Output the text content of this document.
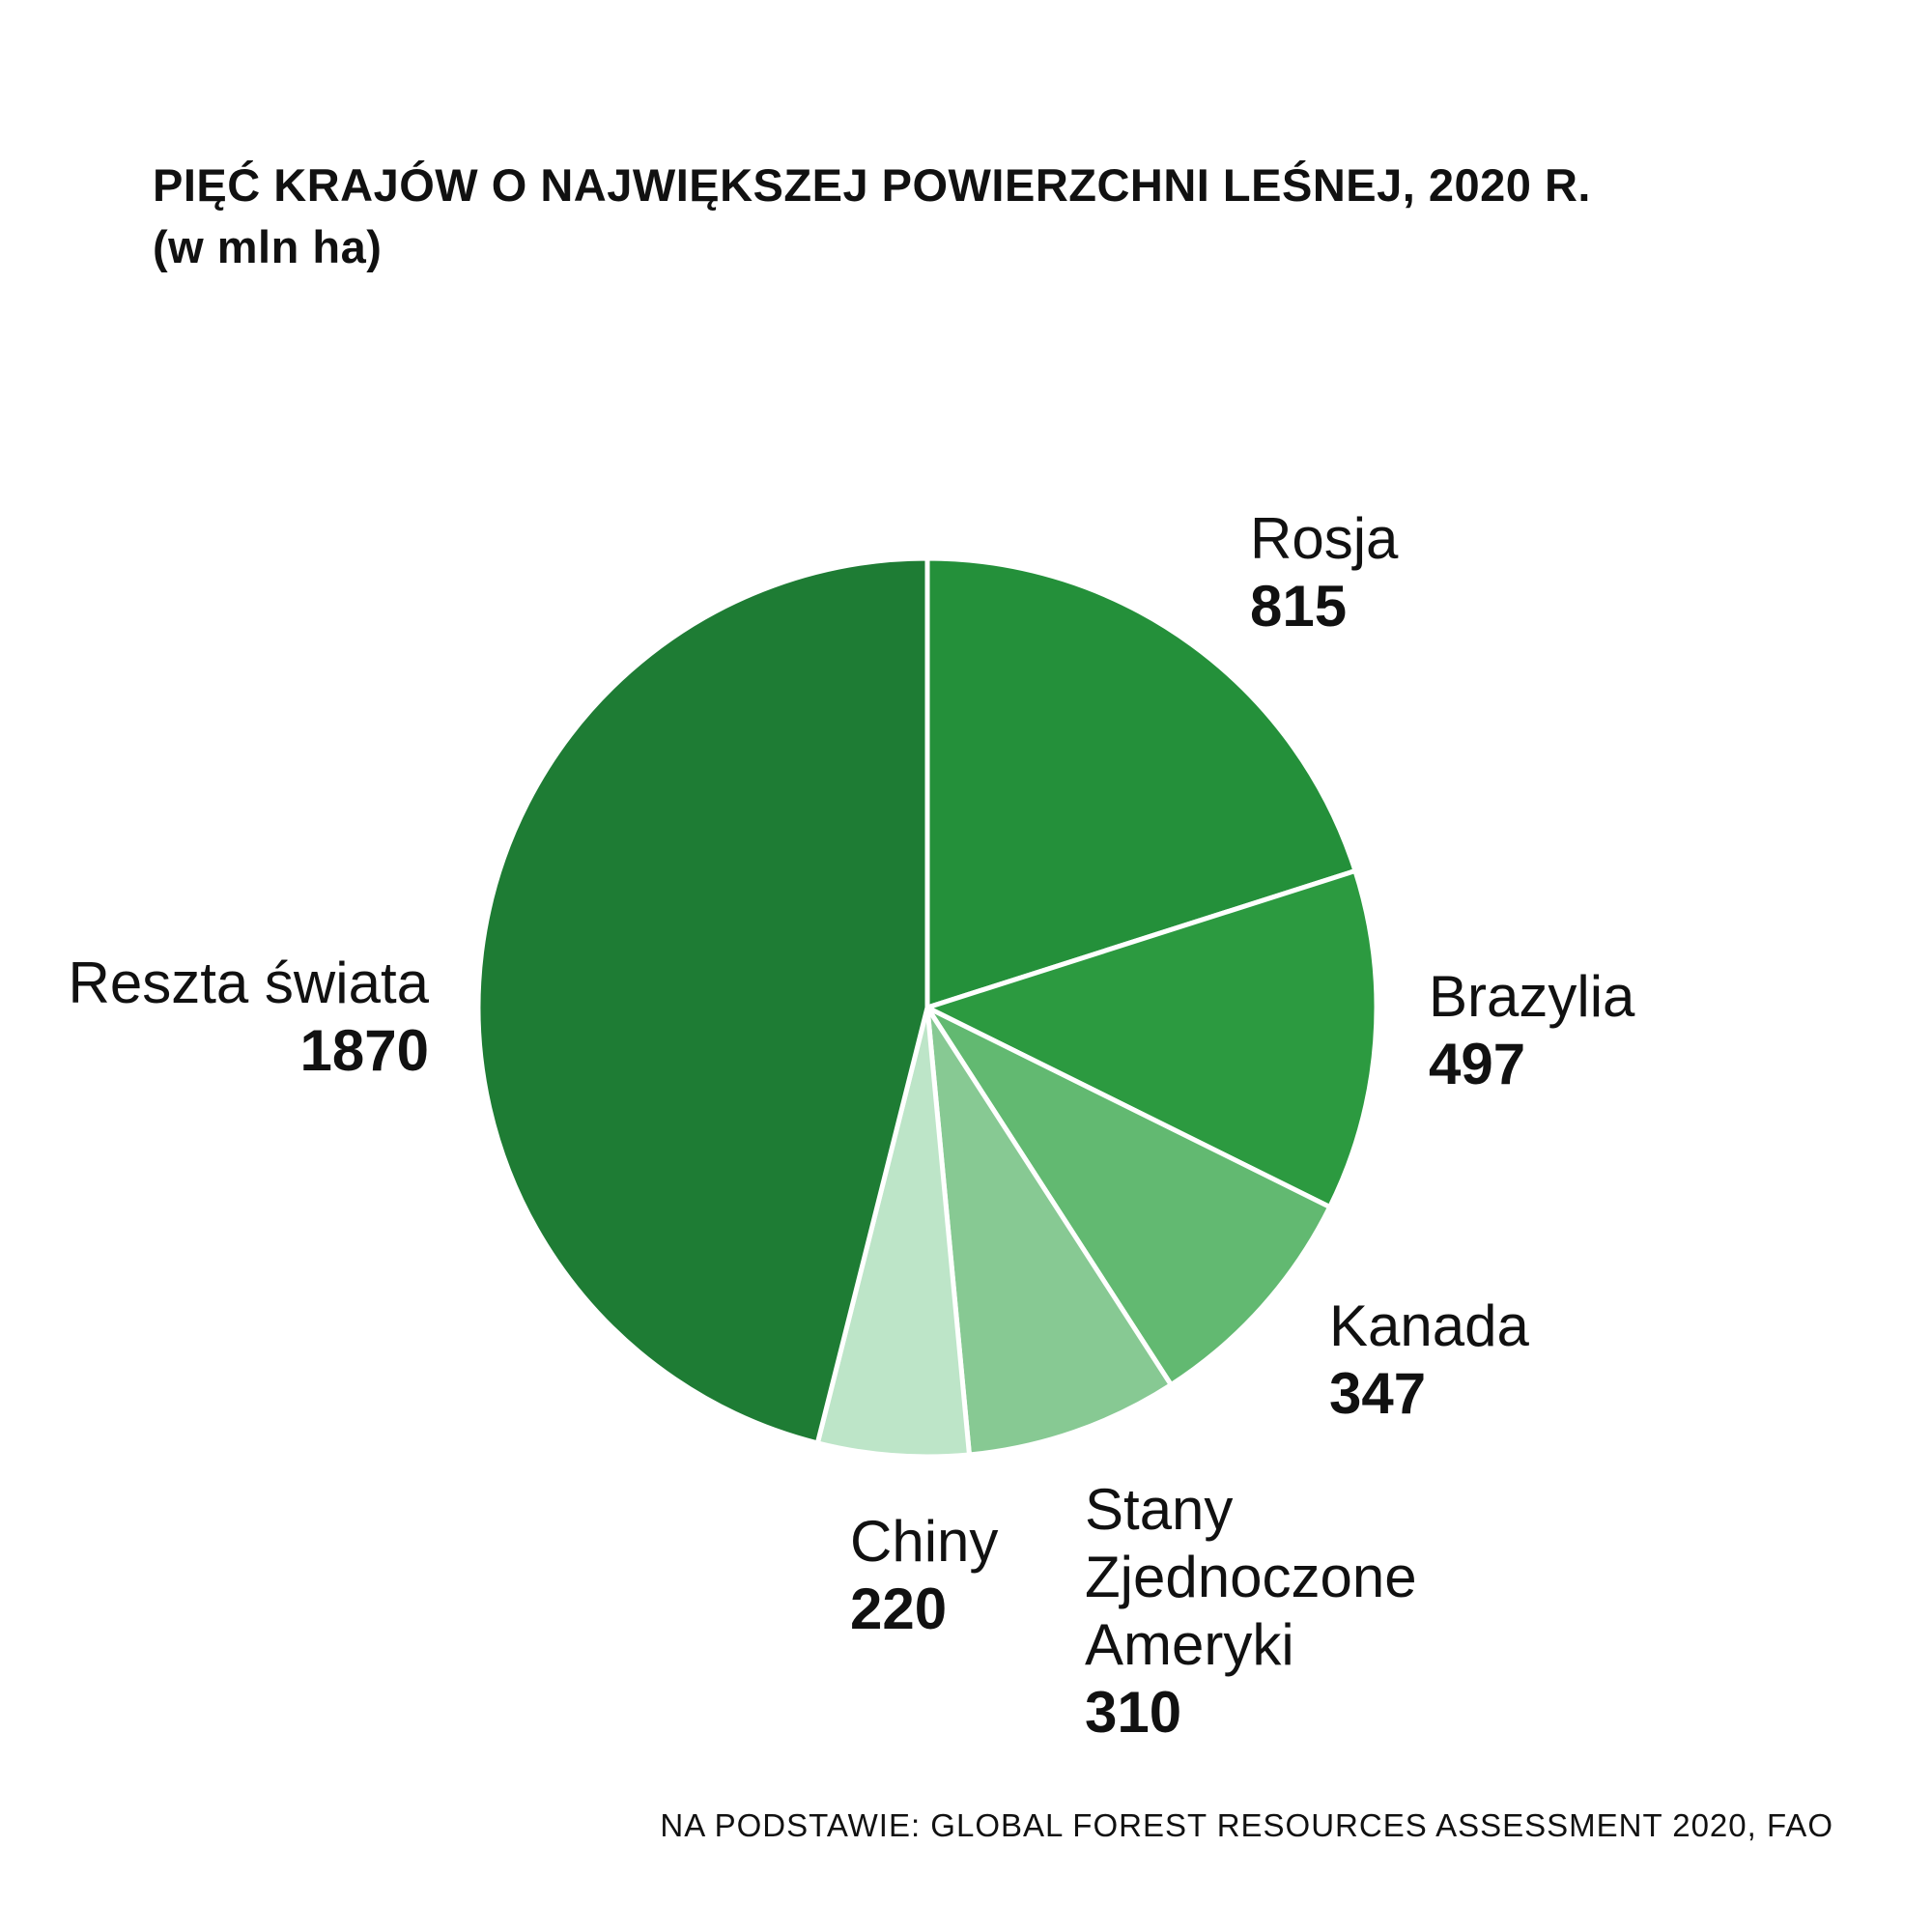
PIĘĆ KRAJÓW O NAJWIĘKSZEJ POWIERZCHNI LEŚNEJ, 2020 R.
(w mln ha)
Rosja
815
Brazylia
497
Kanada
347
Stany Zjednoczone Ameryki
310
Chiny
220
Reszta świata
1870
NA PODSTAWIE: GLOBAL FOREST RESOURCES ASSESSMENT 2020, FAO
